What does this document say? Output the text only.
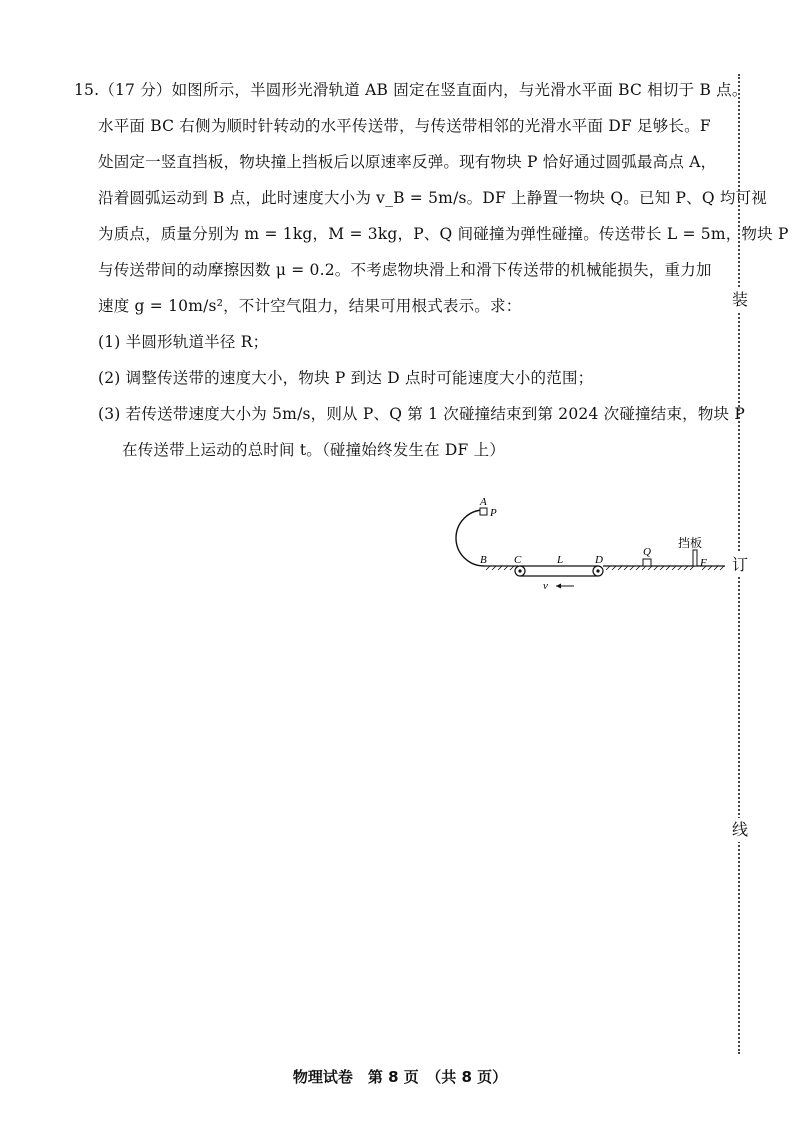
15.（17 分）如图所示，半圆形光滑轨道 AB 固定在竖直面内，与光滑水平面 BC 相切于 B 点。
水平面 BC 右侧为顺时针转动的水平传送带，与传送带相邻的光滑水平面 DF 足够长。F
处固定一竖直挡板，物块撞上挡板后以原速率反弹。现有物块 P 恰好通过圆弧最高点 A，
沿着圆弧运动到 B 点，此时速度大小为 v_B = 5m/s。DF 上静置一物块 Q。已知 P、Q 均可视
为质点，质量分别为 m = 1kg，M = 3kg，P、Q 间碰撞为弹性碰撞。传送带长 L = 5m，物块 P
与传送带间的动摩擦因数 μ = 0.2。不考虑物块滑上和滑下传送带的机械能损失，重力加
速度 g = 10m/s²，不计空气阻力，结果可用根式表示。求：
(1) 半圆形轨道半径 R；
(2) 调整传送带的速度大小，物块 P 到达 D 点时可能速度大小的范围；
(3) 若传送带速度大小为 5m/s，则从 P、Q 第 1 次碰撞结束到第 2024 次碰撞结束，物块 P
在传送带上运动的总时间 t。（碰撞始终发生在 DF 上）
A
P
Q
挡板
F
B C	L	D
v
装
订
线
物理试卷　第 8 页　（共 8 页）
